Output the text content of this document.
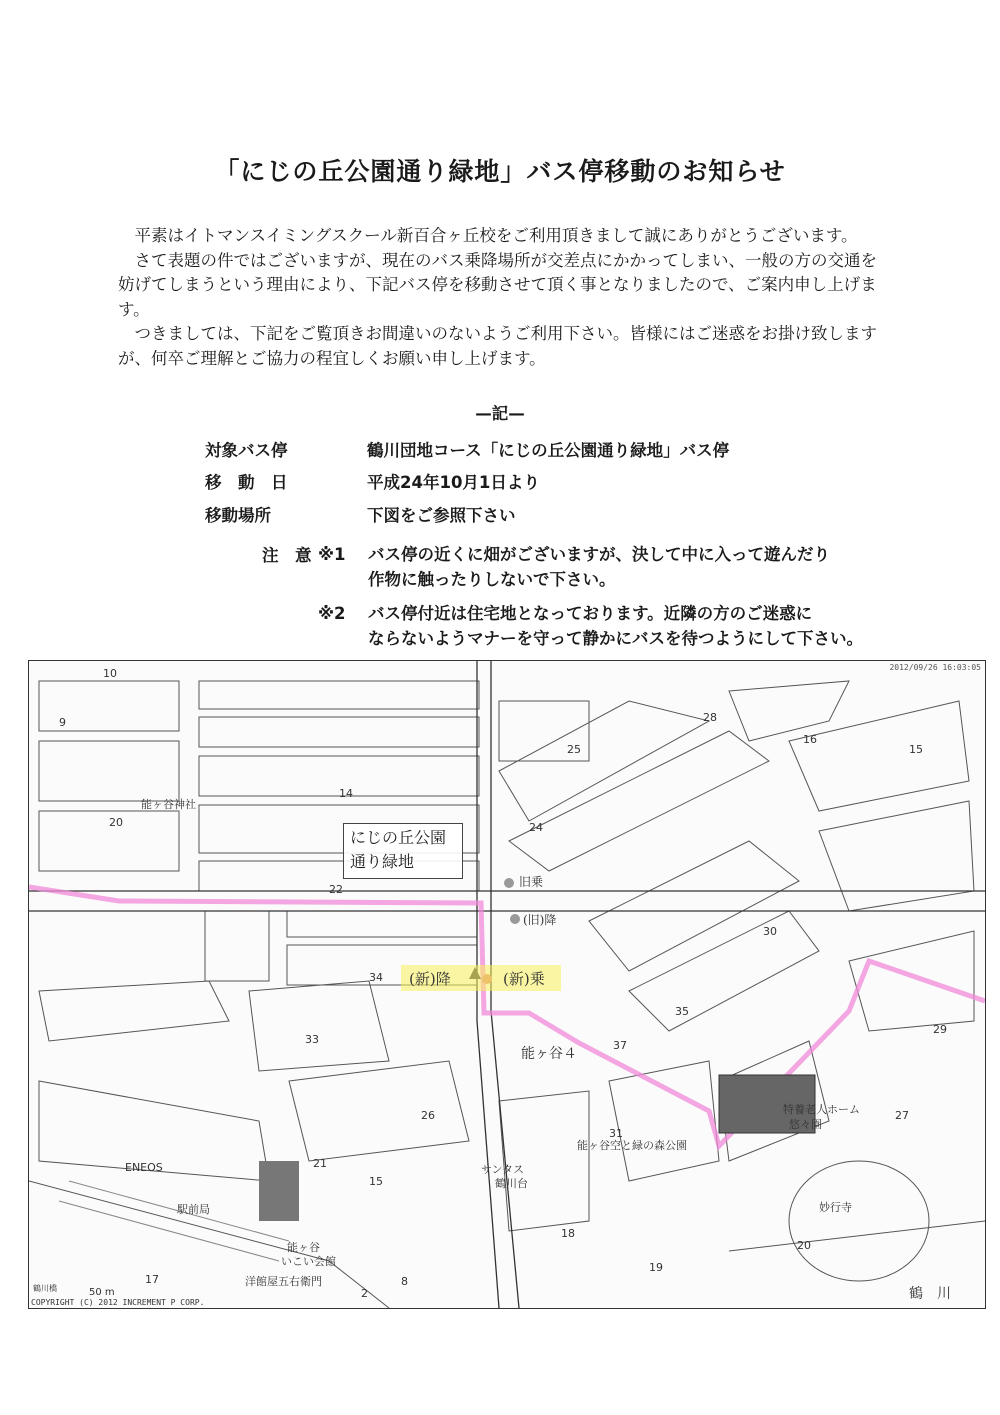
「にじの丘公園通り緑地」バス停移動のお知らせ

　平素はイトマンスイミングスクール新百合ヶ丘校をご利用頂きまして誠にありがとうございます。

　さて表題の件ではございますが、現在のバス乗降場所が交差点にかかってしまい、一般の方の交通を妨げてしまうという理由により、下記バス停を移動させて頂く事となりましたので、ご案内申し上げます。

　つきましては、下記をご覧頂きお間違いのないようご利用下さい。皆様にはご迷惑をお掛け致しますが、何卒ご理解とご協力の程宜しくお願い申し上げます。

—記—
対象バス停	鶴川団地コース「にじの丘公園通り緑地」バス停
移　動　日	平成24年10月1日より
移動場所	下図をご参照下さい
注　意 ※1 バス停の近くに畑がございますが、決して中に入って遊んだり
作物に触ったりしないで下さい。
※2 バス停付近は住宅地となっております。近隣の方のご迷惑に
ならないようマナーを守って静かにバスを待つようにして下さい。
2012/09/26 16:03:05
にじの丘公園
通り緑地
(新)降	(新)乗
旧乗
(旧)降
能ヶ谷神社
能ヶ谷４
特養老人ホーム
悠々園
能ヶ谷空と緑の森公園
サンタス
鶴川台
ENEOS
駅前局
能ヶ谷
いこい会館
洋館屋五右衛門
妙行寺
鶴　川
鶴川橋
10
9
20
14
24
22
25
28
16
15
30
34
33
35
37
27
29
31
18
19
21
15
17
2
20
26
8
50 m
COPYRIGHT (C) 2012 INCREMENT P CORP.
